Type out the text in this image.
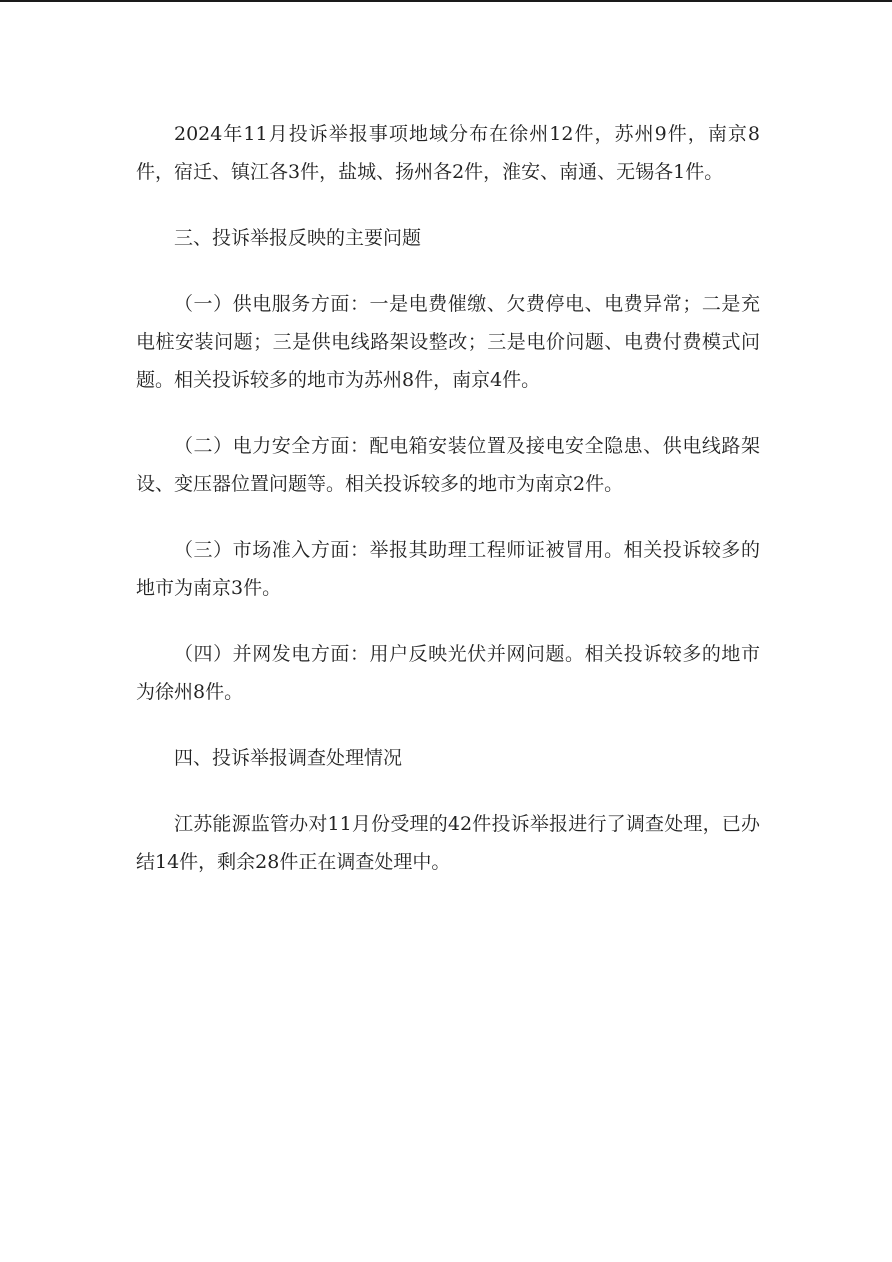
2024年11月投诉举报事项地域分布在徐州12件，苏州9件，南京8件，宿迁、镇江各3件，盐城、扬州各2件，淮安、南通、无锡各1件。

三、投诉举报反映的主要问题

（一）供电服务方面：一是电费催缴、欠费停电、电费异常；二是充电桩安装问题；三是供电线路架设整改；三是电价问题、电费付费模式问题。相关投诉较多的地市为苏州8件，南京4件。

（二）电力安全方面：配电箱安装位置及接电安全隐患、供电线路架设、变压器位置问题等。相关投诉较多的地市为南京2件。

（三）市场准入方面：举报其助理工程师证被冒用。相关投诉较多的地市为南京3件。

（四）并网发电方面：用户反映光伏并网问题。相关投诉较多的地市为徐州8件。

四、投诉举报调查处理情况

江苏能源监管办对11月份受理的42件投诉举报进行了调查处理，已办结14件，剩余28件正在调查处理中。
